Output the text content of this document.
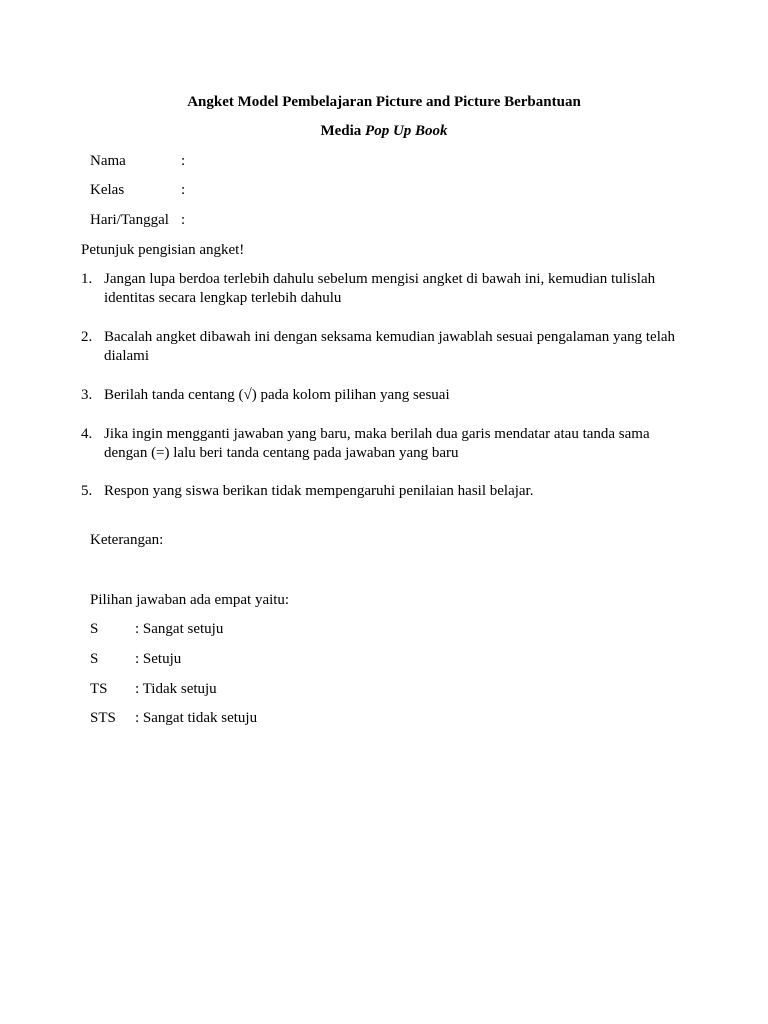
Angket Model Pembelajaran Picture and Picture Berbantuan
Media Pop Up Book
Nama	:
Kelas	:
Hari/Tanggal :
Petunjuk pengisian angket!
1. Jangan lupa berdoa terlebih dahulu sebelum mengisi angket di bawah ini, kemudian tulislah identitas secara lengkap terlebih dahulu
2. Bacalah angket dibawah ini dengan seksama kemudian jawablah sesuai pengalaman yang telah dialami
3. Berilah tanda centang (√) pada kolom pilihan yang sesuai
4. Jika ingin mengganti jawaban yang baru, maka berilah dua garis mendatar atau tanda sama dengan (=) lalu beri tanda centang pada jawaban yang baru
5. Respon yang siswa berikan tidak mempengaruhi penilaian hasil belajar.
Keterangan:
Pilihan jawaban ada empat yaitu:
S : Sangat setuju
S : Setuju
TS : Tidak setuju
STS : Sangat tidak setuju
